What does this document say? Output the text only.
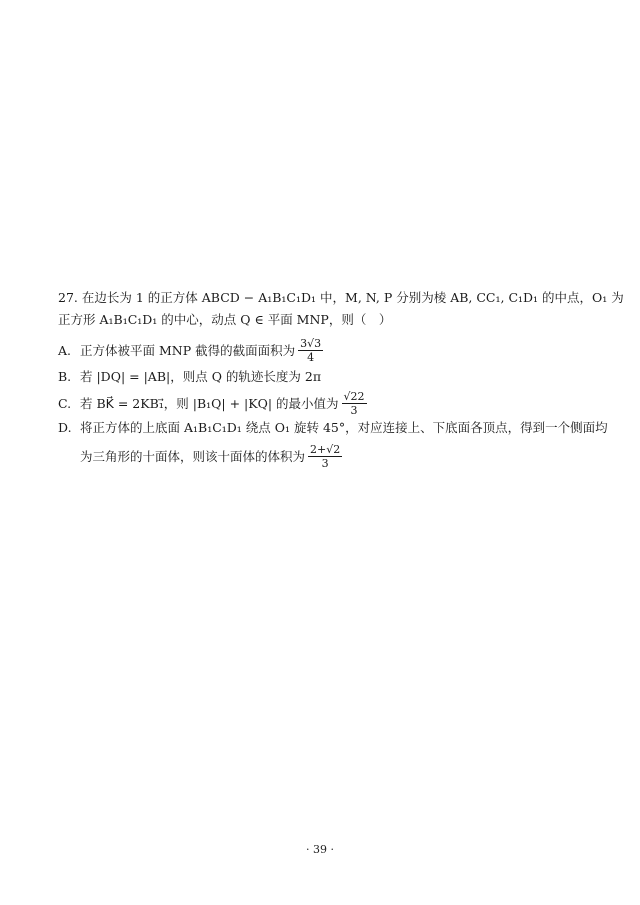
27. 在边长为 1 的正方体 ABCD − A₁B₁C₁D₁ 中，M, N, P 分别为棱 AB, CC₁, C₁D₁ 的中点，O₁ 为
正方形 A₁B₁C₁D₁ 的中心，动点 Q ∈ 平面 MNP，则（　）
A. 正方体被平面 MNP 截得的截面面积为 $\frac{3√3}{4}$
B. 若 |DQ| = |AB|，则点 Q 的轨迹长度为 2π
C. 若 BK⃗ = 2KB₁⃗，则 |B₁Q| + |KQ| 的最小值为 $\frac{√22}{3}$
D. 将正方体的上底面 A₁B₁C₁D₁ 绕点 O₁ 旋转 45°，对应连接上、下底面各顶点，得到一个侧面均
为三角形的十面体，则该十面体的体积为 $\frac{2+√2}{3}$
· 39 ·
